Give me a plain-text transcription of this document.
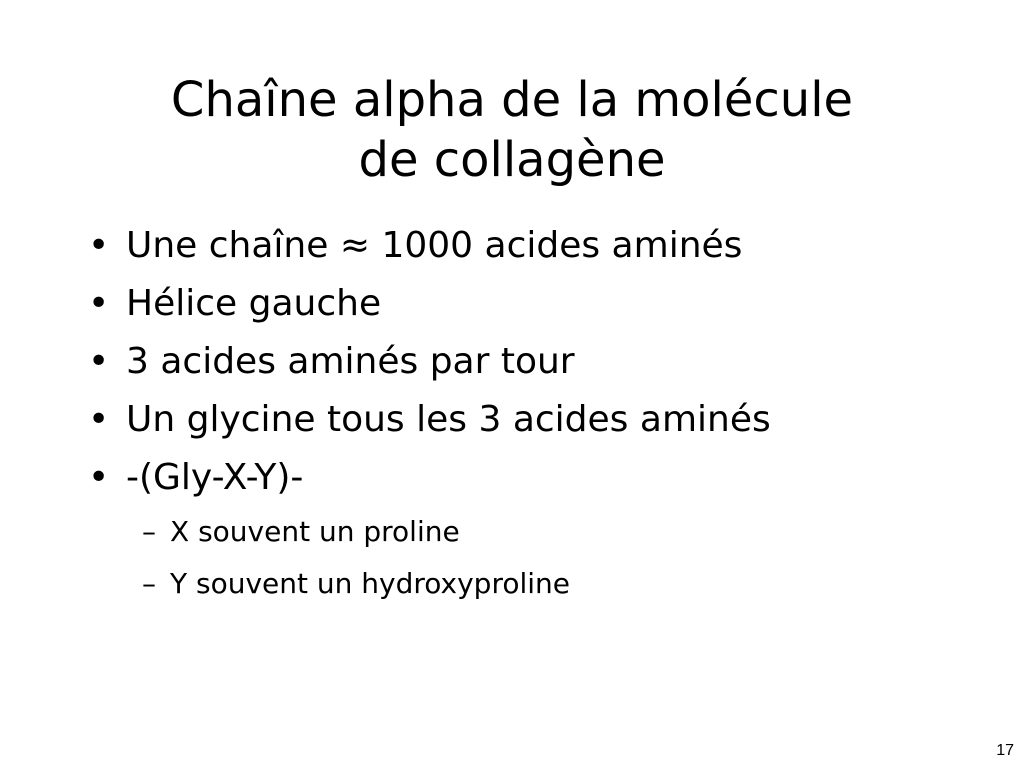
Chaîne alpha de la molécule
de collagène
• Une chaîne ≈ 1000 acides aminés
• Hélice gauche
• 3 acides aminés par tour
• Un glycine tous les 3 acides aminés
• -(Gly-X-Y)-
– X souvent un proline
– Y souvent un hydroxyproline
17
